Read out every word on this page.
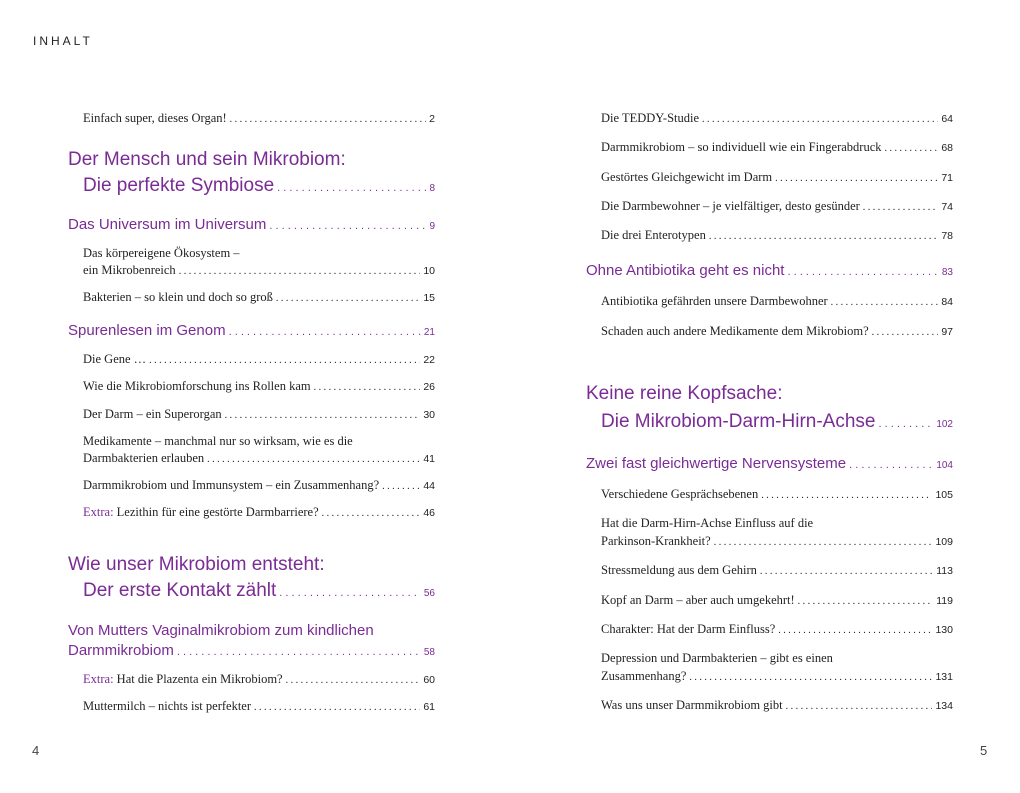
INHALT
Einfach super, dieses Organ! . . .	2
Der Mensch und sein Mikrobiom:
Die perfekte Symbiose . . .	8
Das Universum im Universum . . .	9
Das körpereigene Ökosystem –
ein Mikrobenreich . . .	10
Bakterien – so klein und doch so groß . . .	15
Spurenlesen im Genom . . .	21
Die Gene … . . .	22
Wie die Mikrobiomforschung ins Rollen kam . . .	26
Der Darm – ein Superorgan . . .	30
Medikamente – manchmal nur so wirksam, wie es die
Darmbakterien erlauben . . .	41
Darmmikrobiom und Immunsystem – ein Zusammenhang? . . .	44
Extra: Lezithin für eine gestörte Darmbarriere? . . .	46
Wie unser Mikrobiom entsteht:
Der erste Kontakt zählt . . .	56
Von Mutters Vaginalmikrobiom zum kindlichen
Darmmikrobiom . . .	58
Extra: Hat die Plazenta ein Mikrobiom? . . .	60
Muttermilch – nichts ist perfekter . . .	61
4
Die TEDDY-Studie . . .	64
Darmmikrobiom – so individuell wie ein Fingerabdruck . . .	68
Gestörtes Gleichgewicht im Darm . . .	71
Die Darmbewohner – je vielfältiger, desto gesünder . . .	74
Die drei Enterotypen . . .	78
Ohne Antibiotika geht es nicht . . .	83
Antibiotika gefährden unsere Darmbewohner . . .	84
Schaden auch andere Medikamente dem Mikrobiom? . . .	97
Keine reine Kopfsache:
Die Mikrobiom-Darm-Hirn-Achse . . .	102
Zwei fast gleichwertige Nervensysteme . . .	104
Verschiedene Gesprächsebenen . . .	105
Hat die Darm-Hirn-Achse Einfluss auf die
Parkinson-Krankheit? . . .	109
Stressmeldung aus dem Gehirn . . .	113
Kopf an Darm – aber auch umgekehrt! . . .	119
Charakter: Hat der Darm Einfluss? . . .	130
Depression und Darmbakterien – gibt es einen
Zusammenhang? . . .	131
Was uns unser Darmmikrobiom gibt . . .	134
5
